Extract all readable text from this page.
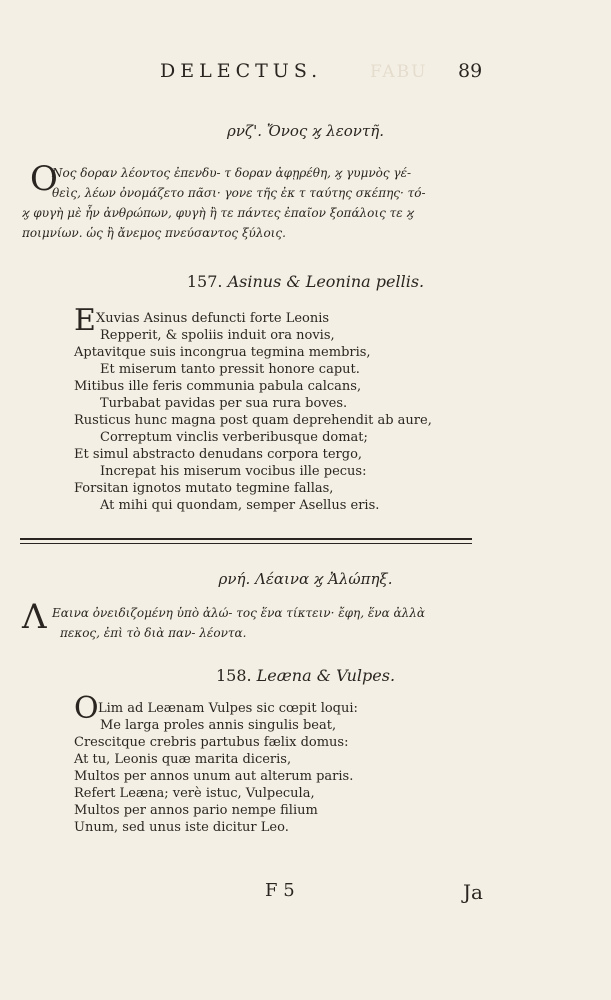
FABU
DELECTUS.	89
ρνζ'. Ὄνος ϗ λεοντῆ.
Ο
Νος δοραν λέοντος ἐπενδυ- τ δοραν ἀφῃρέθη, ϗ γυμνὸς γέ-
θεὶς, λέων ὀνομάζετο πᾶσι· γονε τῆς ἐκ τ ταύτης σκέπης· τό-
ϗ φυγὴ μὲ ἦν ἀνθρώπων, φυγὴ ἢ τε πάντες ἐπαῖον ξοπάλοις τε ϗ
ποιμνίων. ὡς ἢ ἄνεμος πνεύσαντος ξύλοις.
157. Asinus & Leonina pellis.
E Xuvias Asinus defuncti forte Leonis
Repperit, & spoliis induit ora novis,
Aptavitque suis incongrua tegmina membris,
Et miserum tanto pressit honore caput.
Mitibus ille feris communia pabula calcans,
Turbabat pavidas per sua rura boves.
Rusticus hunc magna post quam deprehendit ab aure,
Correptum vinclis verberibusque domat;
Et simul abstracto denudans corpora tergo,
Increpat his miserum vocibus ille pecus:
Forsitan ignotos mutato tegmine fallas,
At mihi qui quondam, semper Asellus eris.
ρνή. Λέαινα ϗ Ἀλώπηξ.
Λ Εαινα ὀνειδιζομένη ὑπὸ ἀλώ- τος ἕνα τίκτειν· ἔφη, ἕνα ἀλλὰ
πεκος, ἐπὶ τὸ διὰ παν- λέοντα.
158. Leæna & Vulpes.
O Lim ad Leænam Vulpes sic cœpit loqui:
Me larga proles annis singulis beat,
Crescitque crebris partubus fælix domus:
At tu, Leonis quæ marita diceris,
Multos per annos unum aut alterum paris.
Refert Leæna; verè istuc, Vulpecula,
Multos per annos pario nempe filium
Unum, sed unus iste dicitur Leo.
F 5	Ja
